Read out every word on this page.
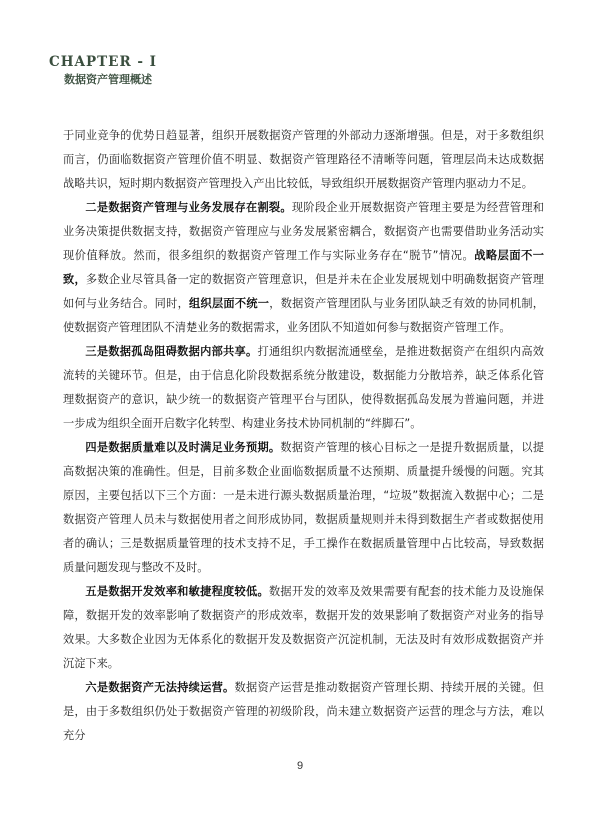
CHAPTER - I
数据资产管理概述

于同业竞争的优势日趋显著，组织开展数据资产管理的外部动力逐渐增强。但是，对于多数组织而言，仍面临数据资产管理价值不明显、数据资产管理路径不清晰等问题，管理层尚未达成数据战略共识，短时期内数据资产管理投入产出比较低，导致组织开展数据资产管理内驱动力不足。

二是数据资产管理与业务发展存在割裂。现阶段企业开展数据资产管理主要是为经营管理和业务决策提供数据支持，数据资产管理应与业务发展紧密耦合，数据资产也需要借助业务活动实现价值释放。然而，很多组织的数据资产管理工作与实际业务存在“脱节”情况。战略层面不一致，多数企业尽管具备一定的数据资产管理意识，但是并未在企业发展规划中明确数据资产管理如何与业务结合。同时，组织层面不统一，数据资产管理团队与业务团队缺乏有效的协同机制，使数据资产管理团队不清楚业务的数据需求，业务团队不知道如何参与数据资产管理工作。

三是数据孤岛阻碍数据内部共享。打通组织内数据流通壁垒，是推进数据资产在组织内高效流转的关键环节。但是，由于信息化阶段数据系统分散建设，数据能力分散培养，缺乏体系化管理数据资产的意识，缺少统一的数据资产管理平台与团队，使得数据孤岛发展为普遍问题，并进一步成为组织全面开启数字化转型、构建业务技术协同机制的“绊脚石”。

四是数据质量难以及时满足业务预期。数据资产管理的核心目标之一是提升数据质量，以提高数据决策的准确性。但是，目前多数企业面临数据质量不达预期、质量提升缓慢的问题。究其原因，主要包括以下三个方面：一是未进行源头数据质量治理，“垃圾”数据流入数据中心；二是数据资产管理人员未与数据使用者之间形成协同，数据质量规则并未得到数据生产者或数据使用者的确认；三是数据质量管理的技术支持不足，手工操作在数据质量管理中占比较高，导致数据质量问题发现与整改不及时。

五是数据开发效率和敏捷程度较低。数据开发的效率及效果需要有配套的技术能力及设施保障，数据开发的效率影响了数据资产的形成效率，数据开发的效果影响了数据资产对业务的指导效果。大多数企业因为无体系化的数据开发及数据资产沉淀机制，无法及时有效形成数据资产并沉淀下来。

六是数据资产无法持续运营。数据资产运营是推动数据资产管理长期、持续开展的关键。但是，由于多数组织仍处于数据资产管理的初级阶段，尚未建立数据资产运营的理念与方法，难以充分

9
